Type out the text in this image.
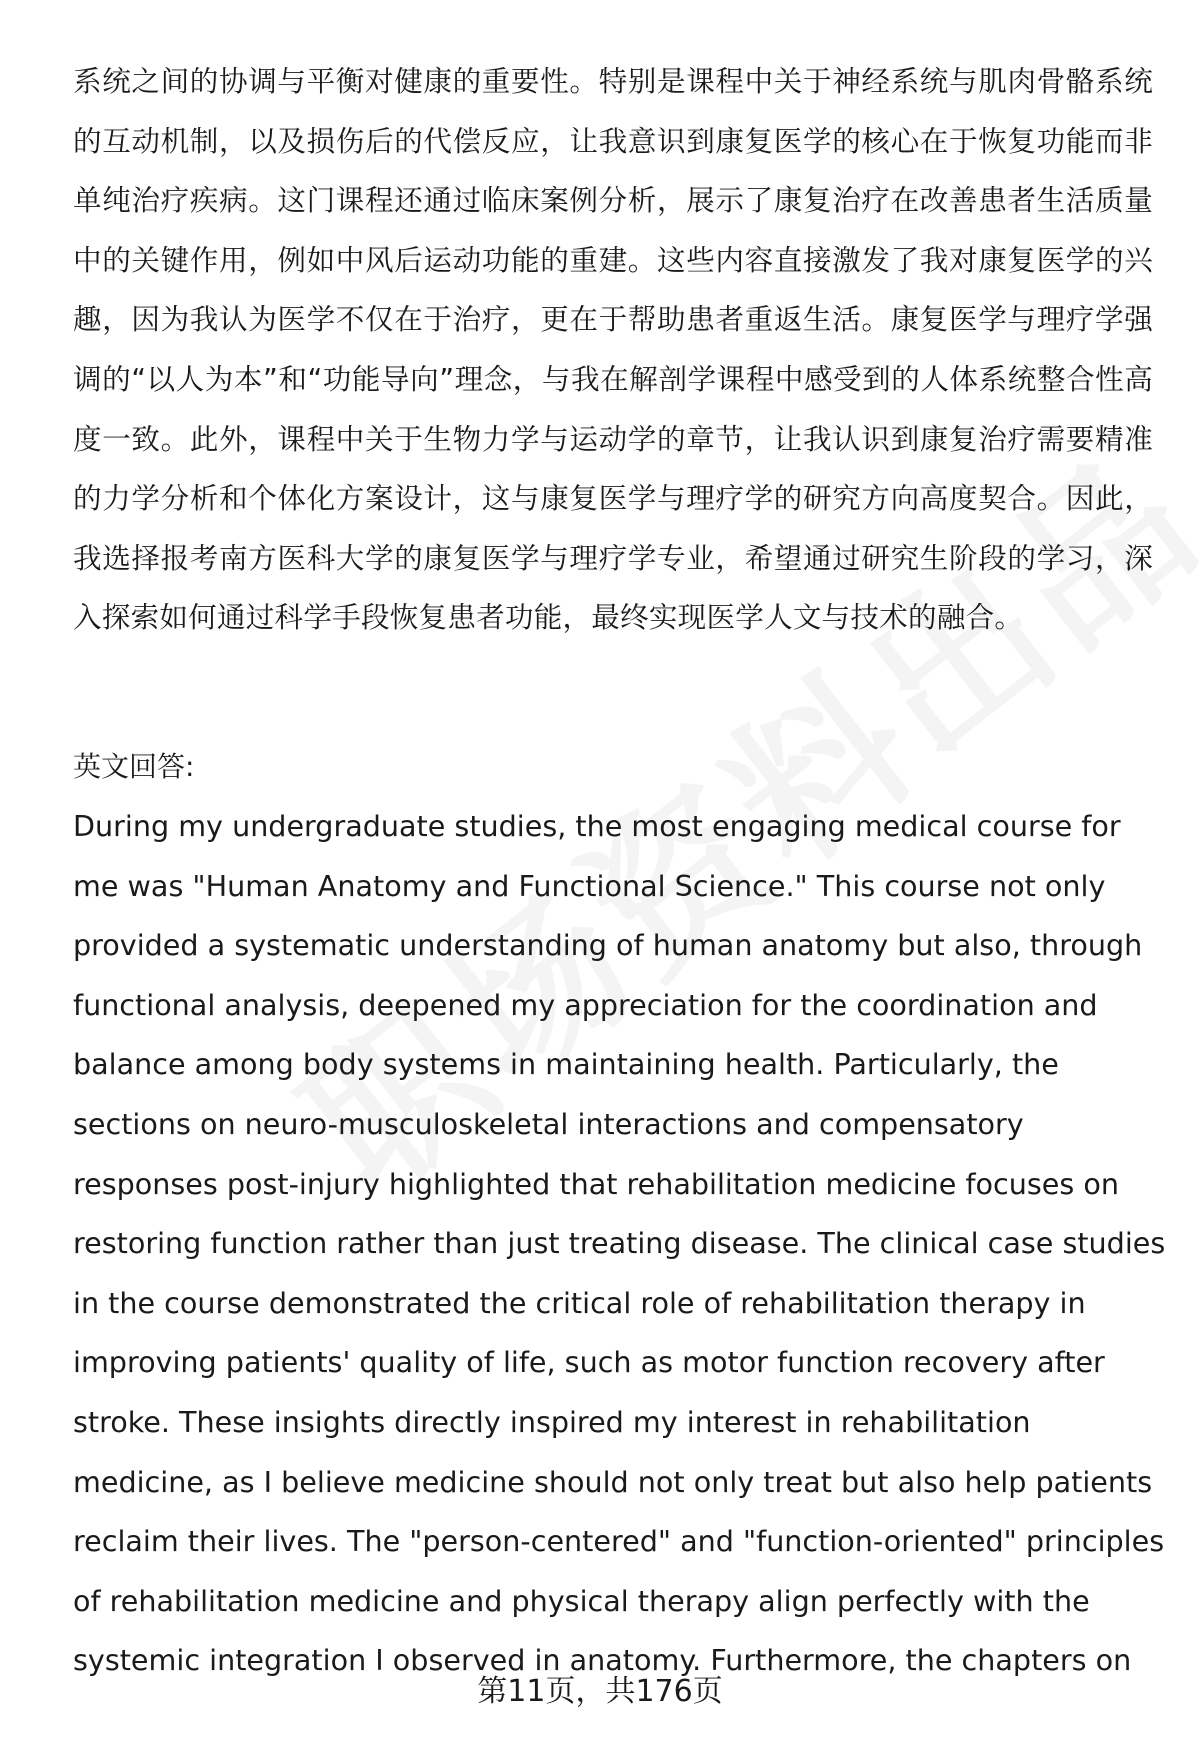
系统之间的协调与平衡对健康的重要性。特别是课程中关于神经系统与肌肉骨骼系统的互动机制，以及损伤后的代偿反应，让我意识到康复医学的核心在于恢复功能而非单纯治疗疾病。这门课程还通过临床案例分析，展示了康复治疗在改善患者生活质量中的关键作用，例如中风后运动功能的重建。这些内容直接激发了我对康复医学的兴趣，因为我认为医学不仅在于治疗，更在于帮助患者重返生活。康复医学与理疗学强调的“以人为本”和“功能导向”理念，与我在解剖学课程中感受到的人体系统整合性高度一致。此外，课程中关于生物力学与运动学的章节，让我认识到康复治疗需要精准的力学分析和个体化方案设计，这与康复医学与理疗学的研究方向高度契合。因此，我选择报考南方医科大学的康复医学与理疗学专业，希望通过研究生阶段的学习，深入探索如何通过科学手段恢复患者功能，最终实现医学人文与技术的融合。

英文回答:

During my undergraduate studies, the most engaging medical course for
me was "Human Anatomy and Functional Science." This course not only
provided a systematic understanding of human anatomy but also, through
functional analysis, deepened my appreciation for the coordination and
balance among body systems in maintaining health. Particularly, the
sections on neuro-musculoskeletal interactions and compensatory
responses post-injury highlighted that rehabilitation medicine focuses on
restoring function rather than just treating disease. The clinical case studies
in the course demonstrated the critical role of rehabilitation therapy in
improving patients' quality of life, such as motor function recovery after
stroke. These insights directly inspired my interest in rehabilitation
medicine, as I believe medicine should not only treat but also help patients
reclaim their lives. The "person-centered" and "function-oriented" principles
of rehabilitation medicine and physical therapy align perfectly with the
systemic integration I observed in anatomy. Furthermore, the chapters on

第11页，共176页
